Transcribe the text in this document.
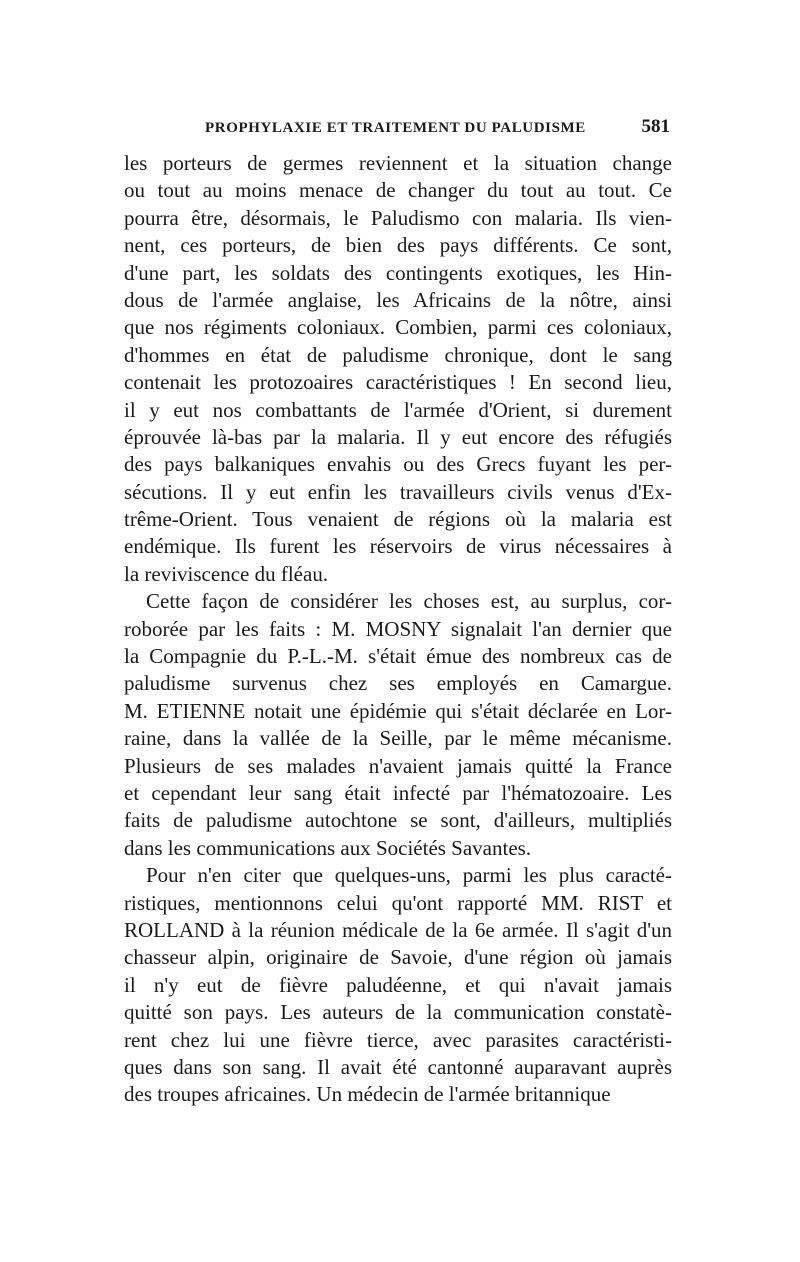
PROPHYLAXIE ET TRAITEMENT DU PALUDISME	581
les porteurs de germes reviennent et la situation change
ou tout au moins menace de changer du tout au tout. Ce
pourra être, désormais, le Paludismo con malaria. Ils vien-
nent, ces porteurs, de bien des pays différents. Ce sont,
d'une part, les soldats des contingents exotiques, les Hin-
dous de l'armée anglaise, les Africains de la nôtre, ainsi
que nos régiments coloniaux. Combien, parmi ces coloniaux,
d'hommes en état de paludisme chronique, dont le sang
contenait les protozoaires caractéristiques ! En second lieu,
il y eut nos combattants de l'armée d'Orient, si durement
éprouvée là-bas par la malaria. Il y eut encore des réfugiés
des pays balkaniques envahis ou des Grecs fuyant les per-
sécutions. Il y eut enfin les travailleurs civils venus d'Ex-
trême-Orient. Tous venaient de régions où la malaria est
endémique. Ils furent les réservoirs de virus nécessaires à
la reviviscence du fléau.
Cette façon de considérer les choses est, au surplus, cor-
roborée par les faits : M. MOSNY signalait l'an dernier que
la Compagnie du P.-L.-M. s'était émue des nombreux cas de
paludisme survenus chez ses employés en Camargue.
M. ETIENNE notait une épidémie qui s'était déclarée en Lor-
raine, dans la vallée de la Seille, par le même mécanisme.
Plusieurs de ses malades n'avaient jamais quitté la France
et cependant leur sang était infecté par l'hématozoaire. Les
faits de paludisme autochtone se sont, d'ailleurs, multipliés
dans les communications aux Sociétés Savantes.
Pour n'en citer que quelques-uns, parmi les plus caracté-
ristiques, mentionnons celui qu'ont rapporté MM. RIST et
ROLLAND à la réunion médicale de la 6e armée. Il s'agit d'un
chasseur alpin, originaire de Savoie, d'une région où jamais
il n'y eut de fièvre paludéenne, et qui n'avait jamais
quitté son pays. Les auteurs de la communication constatè-
rent chez lui une fièvre tierce, avec parasites caractéristi-
ques dans son sang. Il avait été cantonné auparavant auprès
des troupes africaines. Un médecin de l'armée britannique
